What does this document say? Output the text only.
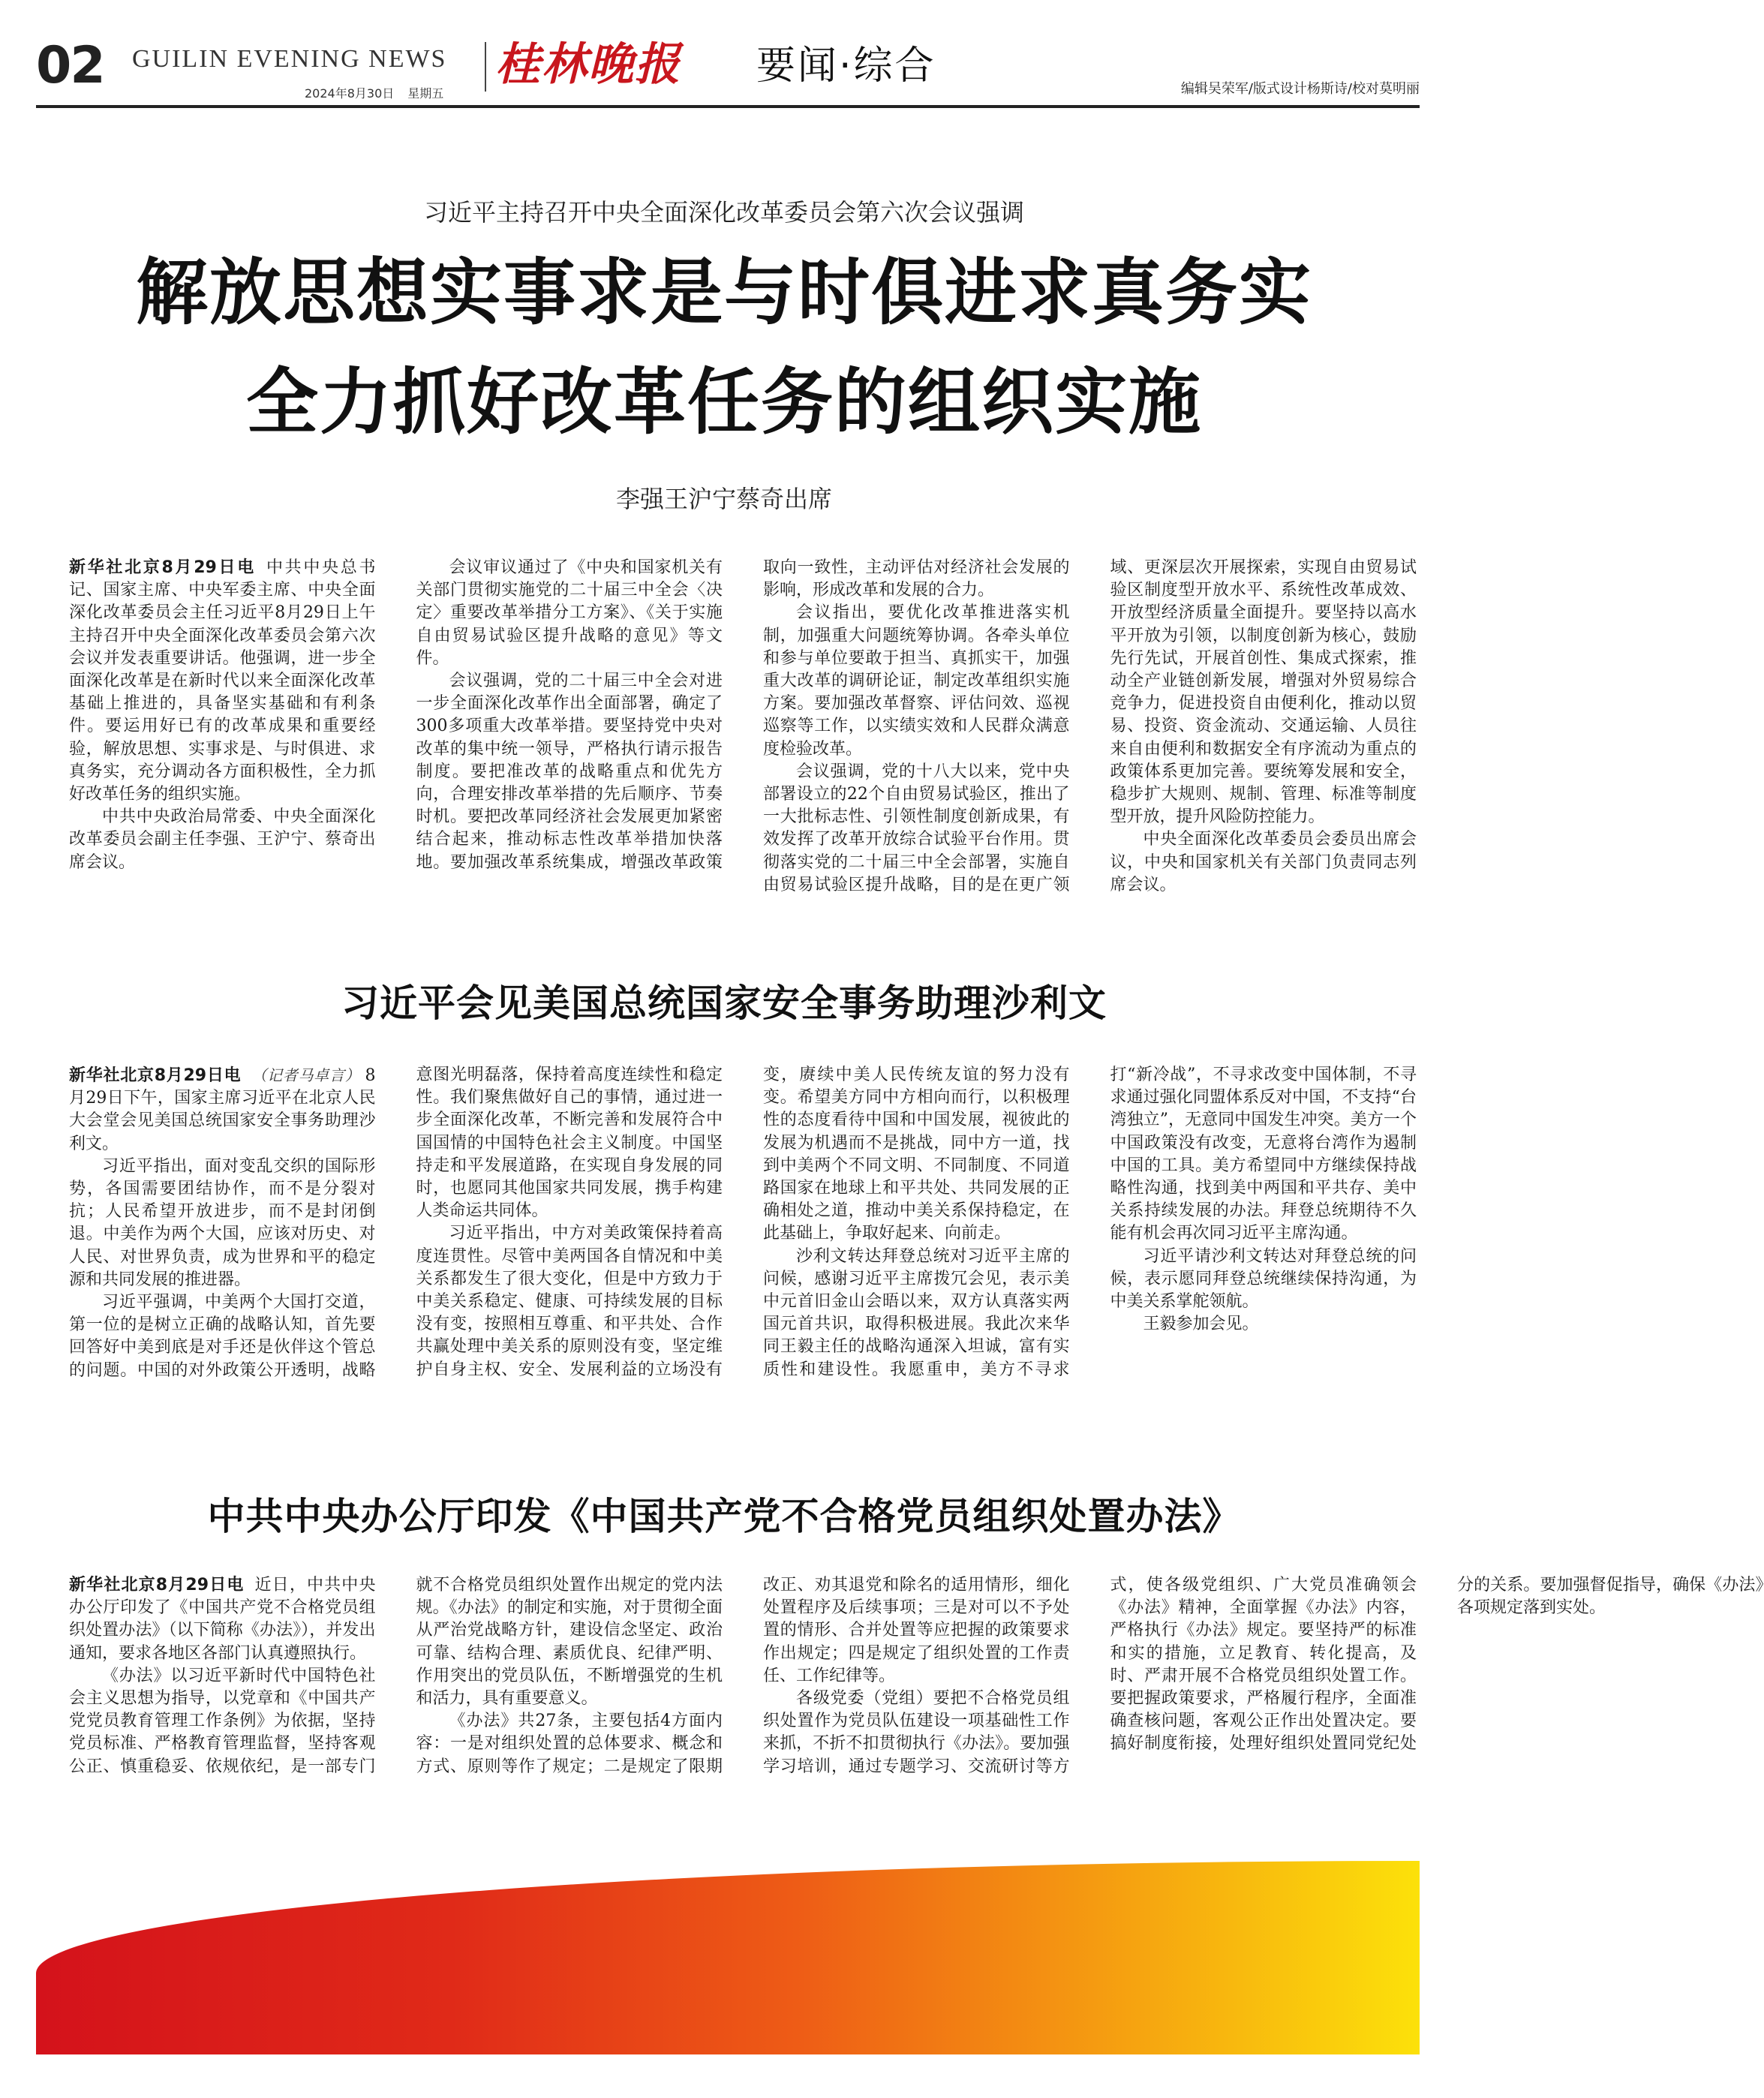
02 GUILIN EVENING NEWS
2024年8月30日 星期五
桂林晚报 要闻·综合
编辑吴荣军/版式设计杨斯诗/校对莫明丽
习近平主持召开中央全面深化改革委员会第六次会议强调
解放思想实事求是与时俱进求真务实
全力抓好改革任务的组织实施
李强王沪宁蔡奇出席

新华社北京8月29日电 中共中央总书记、国家主席、中央军委主席、中央全面深化改革委员会主任习近平8月29日上午主持召开中央全面深化改革委员会第六次会议并发表重要讲话。他强调，进一步全面深化改革是在新时代以来全面深化改革基础上推进的，具备坚实基础和有利条件。要运用好已有的改革成果和重要经验，解放思想、实事求是、与时俱进、求真务实，充分调动各方面积极性，全力抓好改革任务的组织实施。

中共中央政治局常委、中央全面深化改革委员会副主任李强、王沪宁、蔡奇出席会议。

会议审议通过了《中央和国家机关有关部门贯彻实施党的二十届三中全会〈决定〉重要改革举措分工方案》、《关于实施自由贸易试验区提升战略的意见》等文件。

会议强调，党的二十届三中全会对进一步全面深化改革作出全面部署，确定了300多项重大改革举措。要坚持党中央对改革的集中统一领导，严格执行请示报告制度。要把准改革的战略重点和优先方向，合理安排改革举措的先后顺序、节奏时机。要把改革同经济社会发展更加紧密结合起来，推动标志性改革举措加快落地。要加强改革系统集成，增强改革政策取向一致性，主动评估对经济社会发展的影响，形成改革和发展的合力。

会议指出，要优化改革推进落实机制，加强重大问题统筹协调。各牵头单位和参与单位要敢于担当、真抓实干，加强重大改革的调研论证，制定改革组织实施方案。要加强改革督察、评估问效、巡视巡察等工作，以实绩实效和人民群众满意度检验改革。

会议强调，党的十八大以来，党中央部署设立的22个自由贸易试验区，推出了一大批标志性、引领性制度创新成果，有效发挥了改革开放综合试验平台作用。贯彻落实党的二十届三中全会部署，实施自由贸易试验区提升战略，目的是在更广领域、更深层次开展探索，实现自由贸易试验区制度型开放水平、系统性改革成效、开放型经济质量全面提升。要坚持以高水平开放为引领，以制度创新为核心，鼓励先行先试，开展首创性、集成式探索，推动全产业链创新发展，增强对外贸易综合竞争力，促进投资自由便利化，推动以贸易、投资、资金流动、交通运输、人员往来自由便利和数据安全有序流动为重点的政策体系更加完善。要统筹发展和安全，稳步扩大规则、规制、管理、标准等制度型开放，提升风险防控能力。

中央全面深化改革委员会委员出席会议，中央和国家机关有关部门负责同志列席会议。

习近平会见美国总统国家安全事务助理沙利文

新华社北京8月29日电 （记者马卓言） 8月29日下午，国家主席习近平在北京人民大会堂会见美国总统国家安全事务助理沙利文。

习近平指出，面对变乱交织的国际形势，各国需要团结协作，而不是分裂对抗；人民希望开放进步，而不是封闭倒退。中美作为两个大国，应该对历史、对人民、对世界负责，成为世界和平的稳定源和共同发展的推进器。

习近平强调，中美两个大国打交道，第一位的是树立正确的战略认知，首先要回答好中美到底是对手还是伙伴这个管总的问题。中国的对外政策公开透明，战略意图光明磊落，保持着高度连续性和稳定性。我们聚焦做好自己的事情，通过进一步全面深化改革，不断完善和发展符合中国国情的中国特色社会主义制度。中国坚持走和平发展道路，在实现自身发展的同时，也愿同其他国家共同发展，携手构建人类命运共同体。

习近平指出，中方对美政策保持着高度连贯性。尽管中美两国各自情况和中美关系都发生了很大变化，但是中方致力于中美关系稳定、健康、可持续发展的目标没有变，按照相互尊重、和平共处、合作共赢处理中美关系的原则没有变，坚定维护自身主权、安全、发展利益的立场没有变，赓续中美人民传统友谊的努力没有变。希望美方同中方相向而行，以积极理性的态度看待中国和中国发展，视彼此的发展为机遇而不是挑战，同中方一道，找到中美两个不同文明、不同制度、不同道路国家在地球上和平共处、共同发展的正确相处之道，推动中美关系保持稳定，在此基础上，争取好起来、向前走。

沙利文转达拜登总统对习近平主席的问候，感谢习近平主席拨冗会见，表示美中元首旧金山会晤以来，双方认真落实两国元首共识，取得积极进展。我此次来华同王毅主任的战略沟通深入坦诚，富有实质性和建设性。我愿重申，美方不寻求打“新冷战”，不寻求改变中国体制，不寻求通过强化同盟体系反对中国，不支持“台湾独立”，无意同中国发生冲突。美方一个中国政策没有改变，无意将台湾作为遏制中国的工具。美方希望同中方继续保持战略性沟通，找到美中两国和平共存、美中关系持续发展的办法。拜登总统期待不久能有机会再次同习近平主席沟通。

习近平请沙利文转达对拜登总统的问候，表示愿同拜登总统继续保持沟通，为中美关系掌舵领航。

王毅参加会见。

中共中央办公厅印发《中国共产党不合格党员组织处置办法》

新华社北京8月29日电 近日，中共中央办公厅印发了《中国共产党不合格党员组织处置办法》（以下简称《办法》），并发出通知，要求各地区各部门认真遵照执行。

《办法》以习近平新时代中国特色社会主义思想为指导，以党章和《中国共产党党员教育管理工作条例》为依据，坚持党员标准、严格教育管理监督，坚持客观公正、慎重稳妥、依规依纪，是一部专门就不合格党员组织处置作出规定的党内法规。《办法》的制定和实施，对于贯彻全面从严治党战略方针，建设信念坚定、政治可靠、结构合理、素质优良、纪律严明、作用突出的党员队伍，不断增强党的生机和活力，具有重要意义。

《办法》共27条，主要包括4方面内容：一是对组织处置的总体要求、概念和方式、原则等作了规定；二是规定了限期改正、劝其退党和除名的适用情形，细化处置程序及后续事项；三是对可以不予处置的情形、合并处置等应把握的政策要求作出规定；四是规定了组织处置的工作责任、工作纪律等。

各级党委（党组）要把不合格党员组织处置作为党员队伍建设一项基础性工作来抓，不折不扣贯彻执行《办法》。要加强学习培训，通过专题学习、交流研讨等方式，使各级党组织、广大党员准确领会《办法》精神，全面掌握《办法》内容，严格执行《办法》规定。要坚持严的标准和实的措施，立足教育、转化提高，及时、严肃开展不合格党员组织处置工作。要把握政策要求，严格履行程序，全面准确查核问题，客观公正作出处置决定。要搞好制度衔接，处理好组织处置同党纪处分的关系。要加强督促指导，确保《办法》各项规定落到实处。
